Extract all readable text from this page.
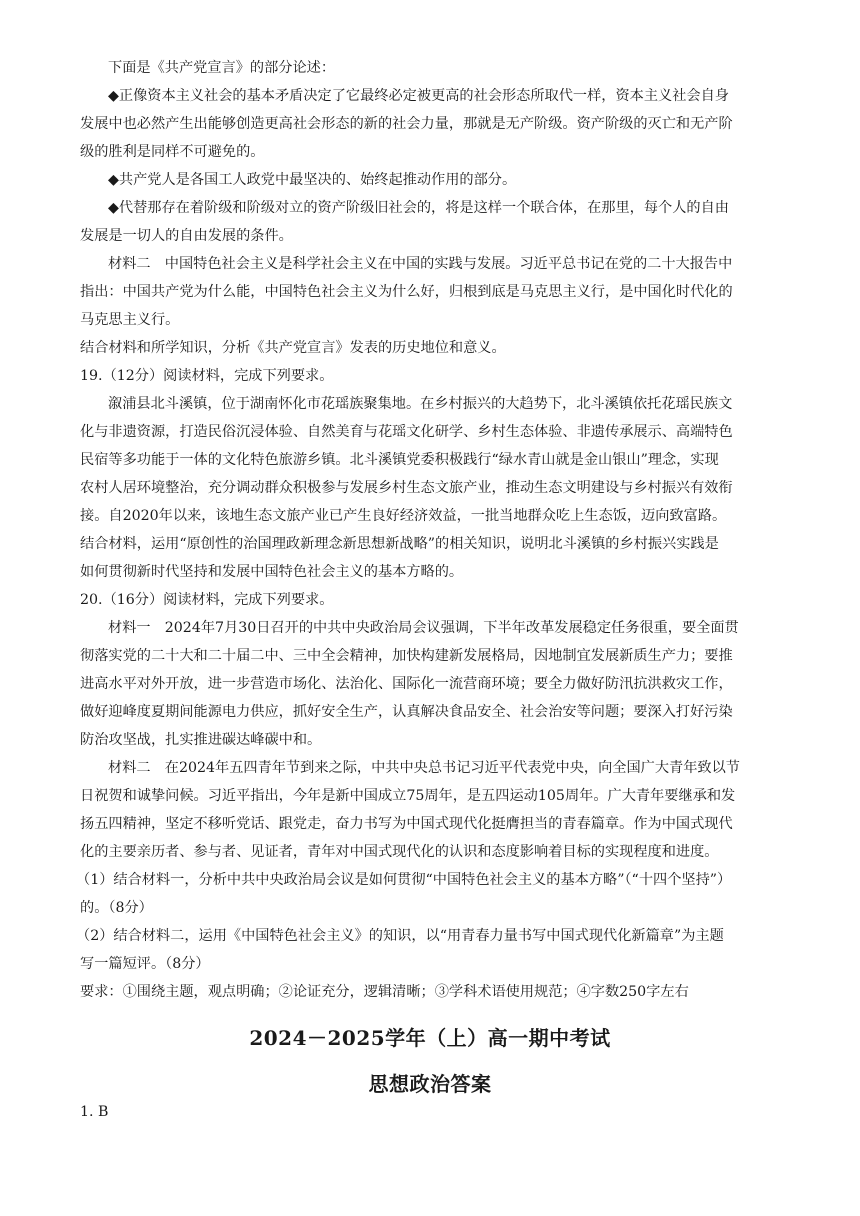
下面是《共产党宣言》的部分论述：
◆正像资本主义社会的基本矛盾决定了它最终必定被更高的社会形态所取代一样，资本主义社会自身
发展中也必然产生出能够创造更高社会形态的新的社会力量，那就是无产阶级。资产阶级的灭亡和无产阶
级的胜利是同样不可避免的。
◆共产党人是各国工人政党中最坚决的、始终起推动作用的部分。
◆代替那存在着阶级和阶级对立的资产阶级旧社会的，将是这样一个联合体，在那里，每个人的自由
发展是一切人的自由发展的条件。
材料二　中国特色社会主义是科学社会主义在中国的实践与发展。习近平总书记在党的二十大报告中
指出：中国共产党为什么能，中国特色社会主义为什么好，归根到底是马克思主义行，是中国化时代化的
马克思主义行。
结合材料和所学知识，分析《共产党宣言》发表的历史地位和意义。
19.（12分）阅读材料，完成下列要求。
溆浦县北斗溪镇，位于湖南怀化市花瑶族聚集地。在乡村振兴的大趋势下，北斗溪镇依托花瑶民族文
化与非遗资源，打造民俗沉浸体验、自然美育与花瑶文化研学、乡村生态体验、非遗传承展示、高端特色
民宿等多功能于一体的文化特色旅游乡镇。北斗溪镇党委积极践行“绿水青山就是金山银山”理念，实现
农村人居环境整治，充分调动群众积极参与发展乡村生态文旅产业，推动生态文明建设与乡村振兴有效衔
接。自2020年以来，该地生态文旅产业已产生良好经济效益，一批当地群众吃上生态饭，迈向致富路。
结合材料，运用“原创性的治国理政新理念新思想新战略”的相关知识，说明北斗溪镇的乡村振兴实践是
如何贯彻新时代坚持和发展中国特色社会主义的基本方略的。
20.（16分）阅读材料，完成下列要求。
材料一　2024年7月30日召开的中共中央政治局会议强调，下半年改革发展稳定任务很重，要全面贯
彻落实党的二十大和二十届二中、三中全会精神，加快构建新发展格局，因地制宜发展新质生产力；要推
进高水平对外开放，进一步营造市场化、法治化、国际化一流营商环境；要全力做好防汛抗洪救灾工作，
做好迎峰度夏期间能源电力供应，抓好安全生产，认真解决食品安全、社会治安等问题；要深入打好污染
防治攻坚战，扎实推进碳达峰碳中和。
材料二　在2024年五四青年节到来之际，中共中央总书记习近平代表党中央，向全国广大青年致以节
日祝贺和诚挚问候。习近平指出，今年是新中国成立75周年，是五四运动105周年。广大青年要继承和发
扬五四精神，坚定不移听党话、跟党走，奋力书写为中国式现代化挺膺担当的青春篇章。作为中国式现代
化的主要亲历者、参与者、见证者，青年对中国式现代化的认识和态度影响着目标的实现程度和进度。
（1）结合材料一，分析中共中央政治局会议是如何贯彻“中国特色社会主义的基本方略”（“十四个坚持”）
的。（8分）
（2）结合材料二，运用《中国特色社会主义》的知识，以“用青春力量书写中国式现代化新篇章”为主题
写一篇短评。（8分）
要求：①围绕主题，观点明确；②论证充分，逻辑清晰；③学科术语使用规范；④字数250字左右
1. B
2024－2025学年（上）高一期中考试
思想政治答案
